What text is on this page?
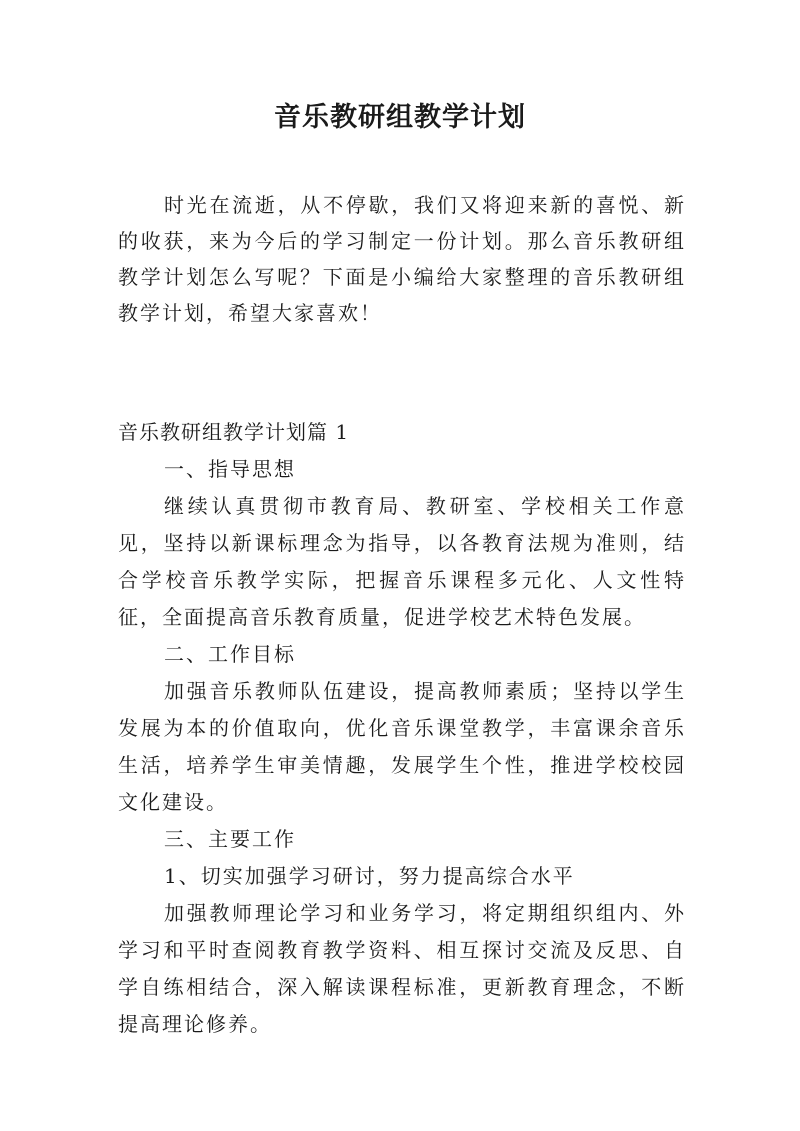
音乐教研组教学计划

时光在流逝，从不停歇，我们又将迎来新的喜悦、新的收获，来为今后的学习制定一份计划。那么音乐教研组教学计划怎么写呢？下面是小编给大家整理的音乐教研组教学计划，希望大家喜欢！

音乐教研组教学计划篇 1

一、指导思想

继续认真贯彻市教育局、教研室、学校相关工作意见，坚持以新课标理念为指导，以各教育法规为准则，结合学校音乐教学实际，把握音乐课程多元化、人文性特征，全面提高音乐教育质量，促进学校艺术特色发展。

二、工作目标

加强音乐教师队伍建设，提高教师素质；坚持以学生发展为本的价值取向，优化音乐课堂教学，丰富课余音乐生活，培养学生审美情趣，发展学生个性，推进学校校园文化建设。

三、主要工作

1、切实加强学习研讨，努力提高综合水平

加强教师理论学习和业务学习，将定期组织组内、外学习和平时查阅教育教学资料、相互探讨交流及反思、自学自练相结合，深入解读课程标准，更新教育理念，不断提高理论修养。
